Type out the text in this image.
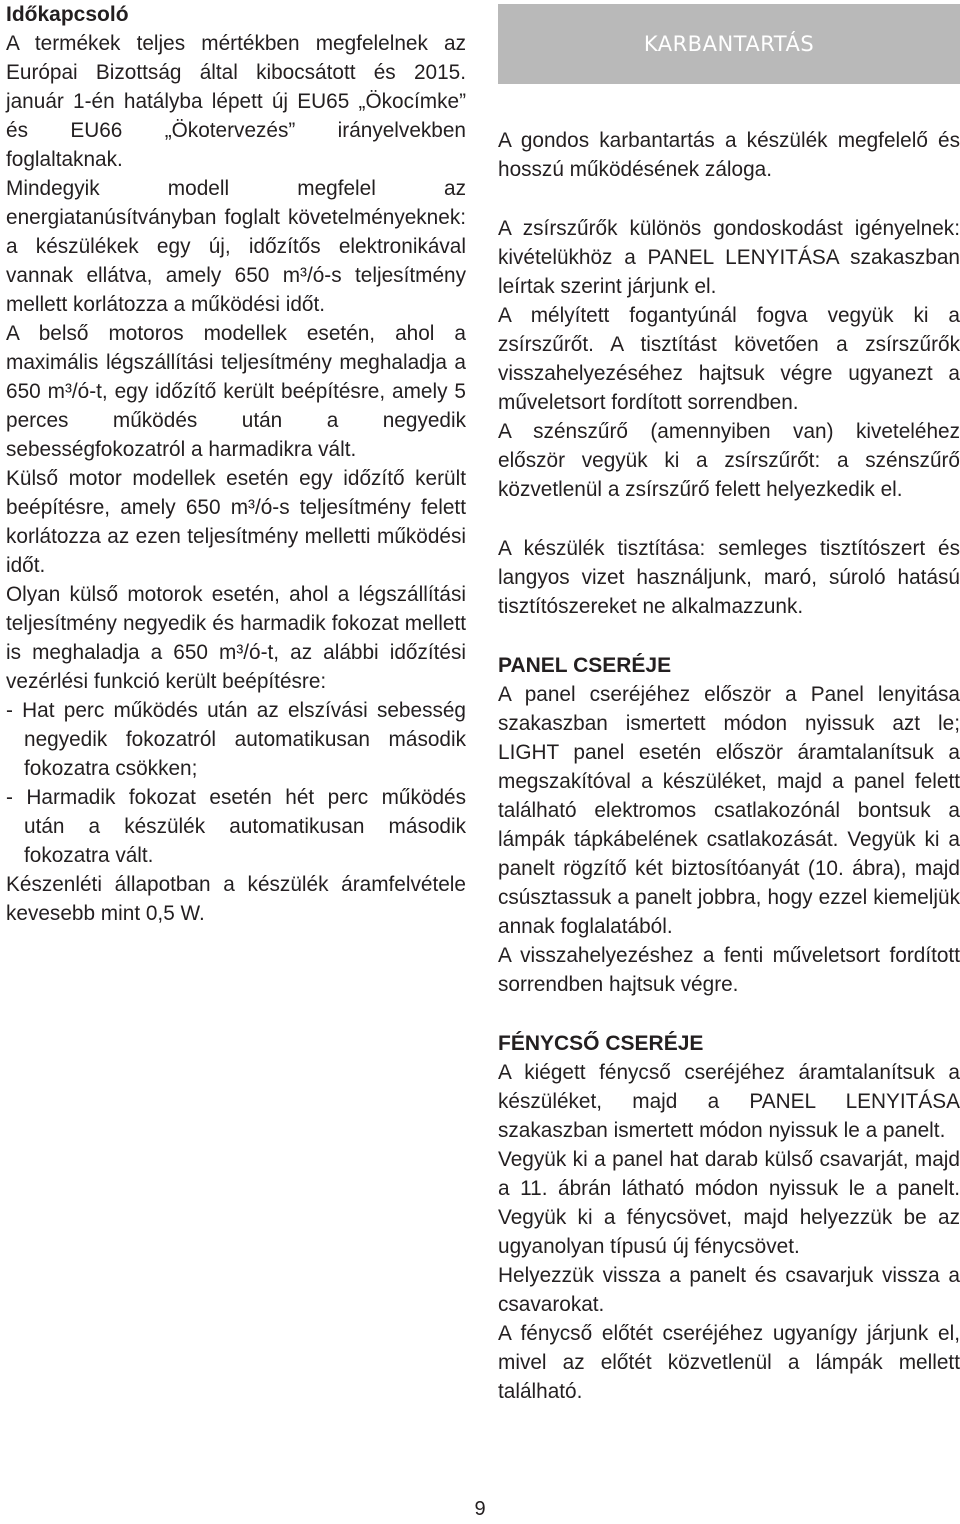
Időkapcsoló

A termékek teljes mértékben megfelelnek az Európai Bizottság által kibocsátott és 2015. január 1-én hatályba lépett új EU65 „Ökocímke” és EU66 „Ökotervezés” irányelvekben foglaltaknak.

Mindegyik modell megfelel az energiatanúsítványban foglalt követelményeknek: a készülékek egy új, időzítős elektronikával vannak ellátva, amely 650 m³/ó-s teljesítmény mellett korlátozza a működési időt.

A belső motoros modellek esetén, ahol a maximális légszállítási teljesítmény meghaladja a 650 m³/ó-t, egy időzítő került beépítésre, amely 5 perces működés után a negyedik sebességfokozatról a harmadikra vált.

Külső motor modellek esetén egy időzítő került beépítésre, amely 650 m³/ó-s teljesítmény felett korlátozza az ezen teljesítmény melletti működési időt.

Olyan külső motorok esetén, ahol a légszállítási teljesítmény negyedik és harmadik fokozat mellett is meghaladja a 650 m³/ó-t, az alábbi időzítési vezérlési funkció került beépítésre:

- Hat perc működés után az elszívási sebesség negyedik fokozatról automatikusan második fokozatra csökken;

- Harmadik fokozat esetén hét perc működés után a készülék automatikusan második fokozatra vált.

Készenléti állapotban a készülék áramfelvétele kevesebb mint 0,5 W.

KARBANTARTÁS

A gondos karbantartás a készülék megfelelő és hosszú működésének záloga.

A zsírszűrők különös gondoskodást igényelnek: kivételükhöz a PANEL LENYITÁSA szakaszban leírtak szerint járjunk el.

A mélyített fogantyúnál fogva vegyük ki a zsírszűrőt. A tisztítást követően a zsírszűrők visszahelyezéséhez hajtsuk végre ugyanezt a műveletsort fordított sorrendben.

A szénszűrő (amennyiben van) kiveteléhez először vegyük ki a zsírszűrőt: a szénszűrő közvetlenül a zsírszűrő felett helyezkedik el.

A készülék tisztítása: semleges tisztítószert és langyos vizet használjunk, maró, súroló hatású tisztítószereket ne alkalmazzunk.

PANEL CSERÉJE

A panel cseréjéhez először a Panel lenyitása szakaszban ismertett módon nyissuk azt le; LIGHT panel esetén először áramtalanítsuk a megszakítóval a készüléket, majd a panel felett található elektromos csatlakozónál bontsuk a lámpák tápkábelének csatlakozását. Vegyük ki a panelt rögzítő két biztosítóanyát (10. ábra), majd csúsztassuk a panelt jobbra, hogy ezzel kiemeljük annak foglalatából.

A visszahelyezéshez a fenti műveletsort fordított sorrendben hajtsuk végre.

FÉNYCSŐ CSERÉJE

A kiégett fénycső cseréjéhez áramtalanítsuk a készüléket, majd a PANEL LENYITÁSA szakaszban ismertett módon nyissuk le a panelt.

Vegyük ki a panel hat darab külső csavarját, majd a 11. ábrán látható módon nyissuk le a panelt. Vegyük ki a fénycsövet, majd helyezzük be az ugyanolyan típusú új fénycsövet.

Helyezzük vissza a panelt és csavarjuk vissza a csavarokat.

A fénycső előtét cseréjéhez ugyanígy járjunk el, mivel az előtét közvetlenül a lámpák mellett található.

9
